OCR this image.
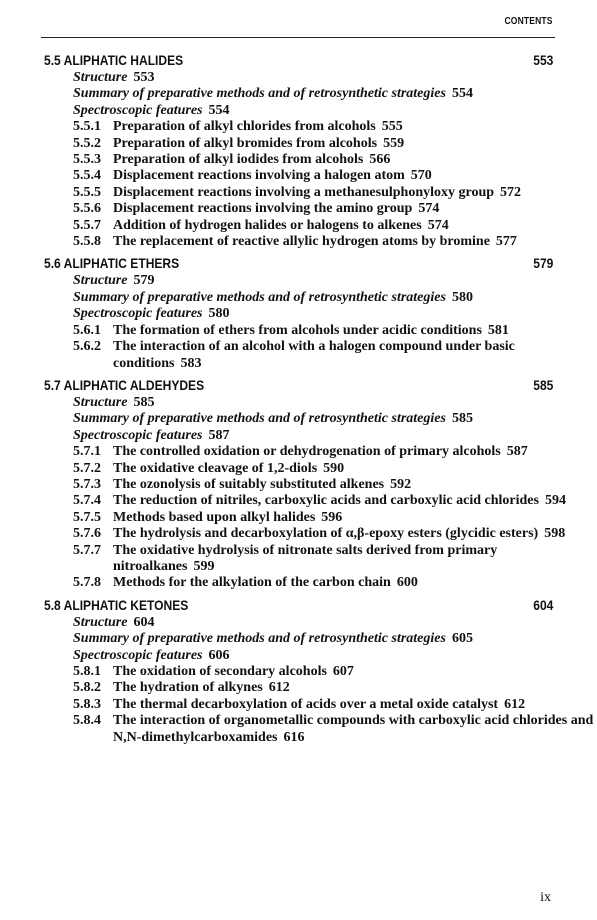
CONTENTS
5.5 ALIPHATIC HALIDES	553
Structure 553
Summary of preparative methods and of retrosynthetic strategies 554
Spectroscopic features 554
5.5.1 Preparation of alkyl chlorides from alcohols 555
5.5.2 Preparation of alkyl bromides from alcohols 559
5.5.3 Preparation of alkyl iodides from alcohols 566
5.5.4 Displacement reactions involving a halogen atom 570
5.5.5 Displacement reactions involving a methanesulphonyloxy group 572
5.5.6 Displacement reactions involving the amino group 574
5.5.7 Addition of hydrogen halides or halogens to alkenes 574
5.5.8 The replacement of reactive allylic hydrogen atoms by bromine 577
5.6 ALIPHATIC ETHERS	579
Structure 579
Summary of preparative methods and of retrosynthetic strategies 580
Spectroscopic features 580
5.6.1 The formation of ethers from alcohols under acidic conditions 581
5.6.2 The interaction of an alcohol with a halogen compound under basic conditions 583
5.7 ALIPHATIC ALDEHYDES	585
Structure 585
Summary of preparative methods and of retrosynthetic strategies 585
Spectroscopic features 587
5.7.1 The controlled oxidation or dehydrogenation of primary alcohols 587
5.7.2 The oxidative cleavage of 1,2-diols 590
5.7.3 The ozonolysis of suitably substituted alkenes 592
5.7.4 The reduction of nitriles, carboxylic acids and carboxylic acid chlorides 594
5.7.5 Methods based upon alkyl halides 596
5.7.6 The hydrolysis and decarboxylation of α,β-epoxy esters (glycidic esters) 598
5.7.7 The oxidative hydrolysis of nitronate salts derived from primary nitroalkanes 599
5.7.8 Methods for the alkylation of the carbon chain 600
5.8 ALIPHATIC KETONES	604
Structure 604
Summary of preparative methods and of retrosynthetic strategies 605
Spectroscopic features 606
5.8.1 The oxidation of secondary alcohols 607
5.8.2 The hydration of alkynes 612
5.8.3 The thermal decarboxylation of acids over a metal oxide catalyst 612
5.8.4 The interaction of organometallic compounds with carboxylic acid chlorides and N,N-dimethylcarboxamides 616
ix
